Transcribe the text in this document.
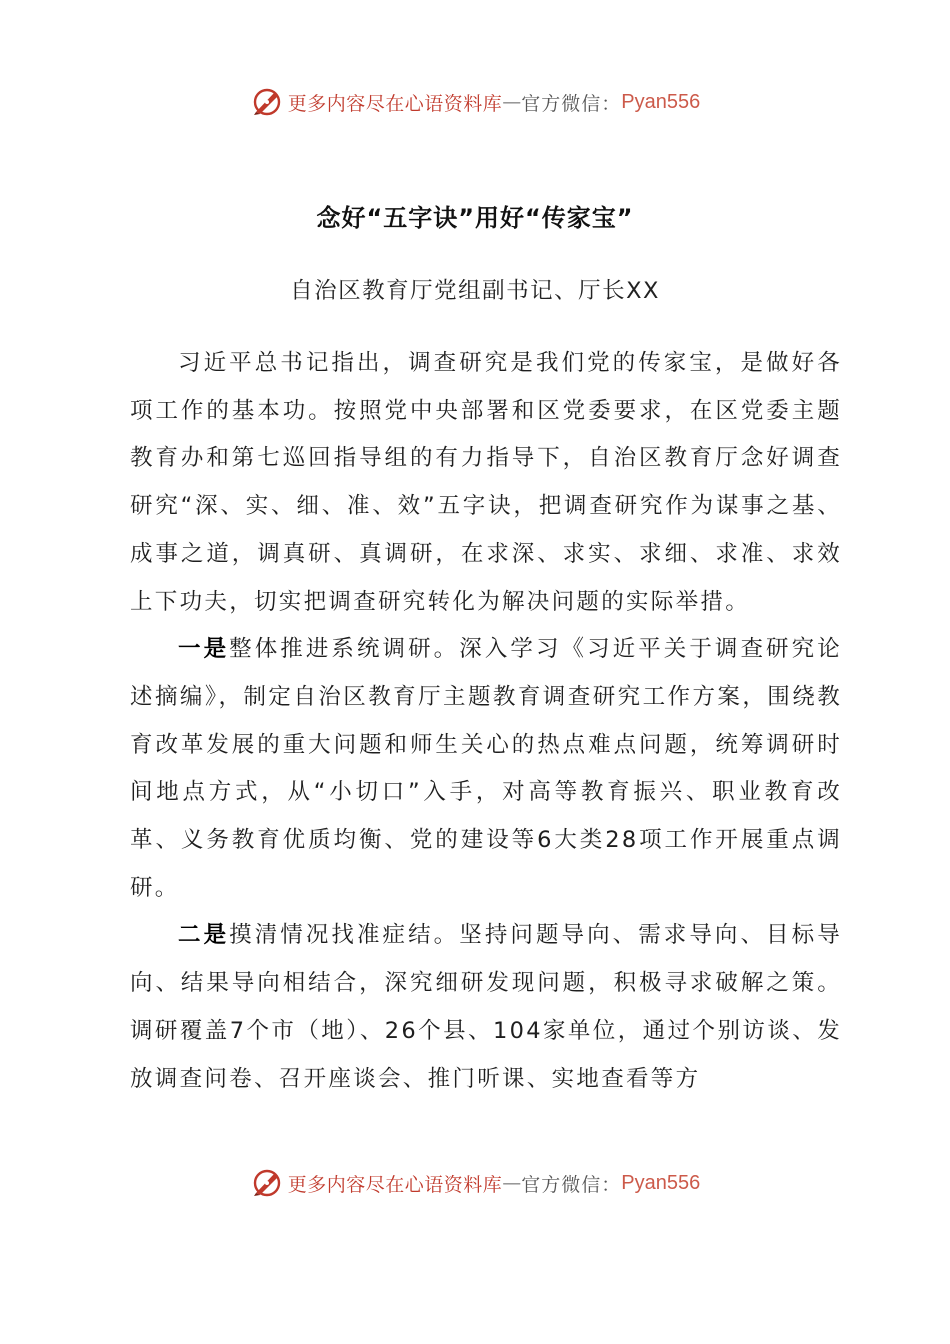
更多内容尽在心语资料库 — 官方微信： Pyan556
念好“五字诀”用好“传家宝”
自治区教育厅党组副书记、厅长XX

习近平总书记指出，调查研究是我们党的传家宝，是做好各项工作的基本功。按照党中央部署和区党委要求，在区党委主题教育办和第七巡回指导组的有力指导下，自治区教育厅念好调查研究“深、实、细、准、效”五字诀，把调查研究作为谋事之基、成事之道，调真研、真调研，在求深、求实、求细、求准、求效上下功夫，切实把调查研究转化为解决问题的实际举措。

一是整体推进系统调研。深入学习《习近平关于调查研究论述摘编》，制定自治区教育厅主题教育调查研究工作方案，围绕教育改革发展的重大问题和师生关心的热点难点问题，统筹调研时间地点方式，从“小切口”入手，对高等教育振兴、职业教育改革、义务教育优质均衡、党的建设等6大类28项工作开展重点调研。

二是摸清情况找准症结。坚持问题导向、需求导向、目标导向、结果导向相结合，深究细研发现问题，积极寻求破解之策。调研覆盖7个市（地）、26个县、104家单位，通过个别访谈、发放调查问卷、召开座谈会、推门听课、实地查看等方

更多内容尽在心语资料库 — 官方微信： Pyan556
